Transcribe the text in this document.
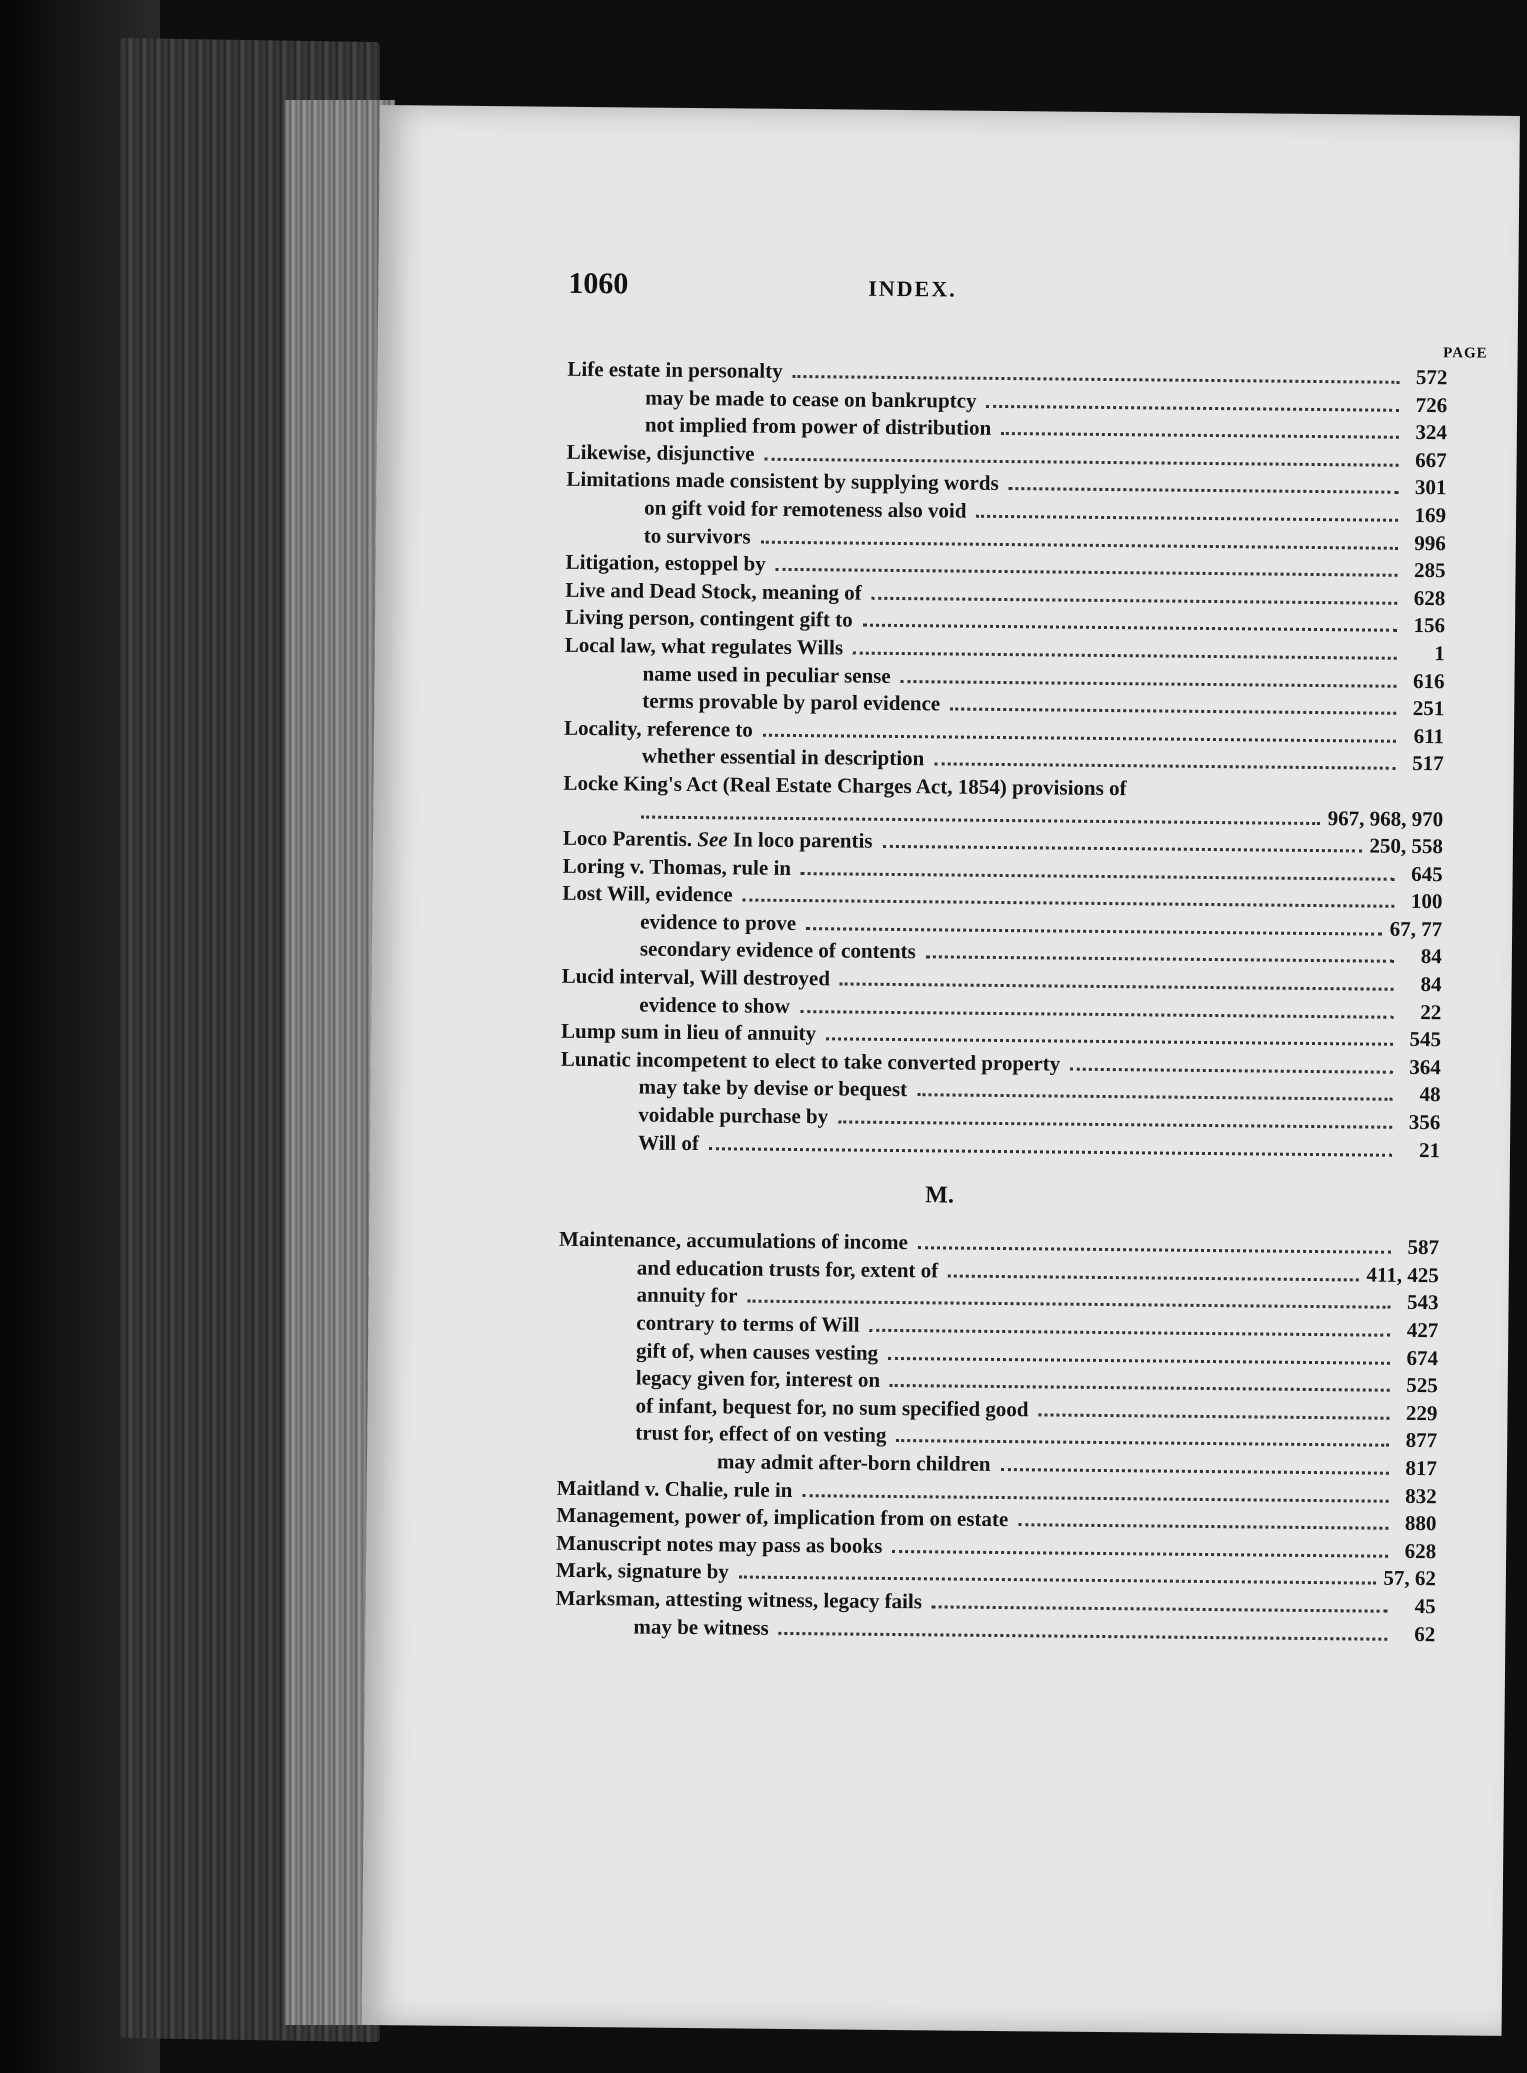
1060	INDEX.
PAGE
Life estate in personalty	572
may be made to cease on bankruptcy	726
not implied from power of distribution	324
Likewise, disjunctive	667
Limitations made consistent by supplying words	301
on gift void for remoteness also void	169
to survivors	996
Litigation, estoppel by	285
Live and Dead Stock, meaning of	628
Living person, contingent gift to	156
Local law, what regulates Wills	1
name used in peculiar sense	616
terms provable by parol evidence	251
Locality, reference to	611
whether essential in description	517
Locke King's Act (Real Estate Charges Act, 1854) provisions of
967, 968, 970
Loco Parentis. See In loco parentis	250, 558
Loring v. Thomas, rule in	645
Lost Will, evidence	100
evidence to prove	67, 77
secondary evidence of contents	84
Lucid interval, Will destroyed	84
evidence to show	22
Lump sum in lieu of annuity	545
Lunatic incompetent to elect to take converted property	364
may take by devise or bequest	48
voidable purchase by	356
Will of	21
M.
Maintenance, accumulations of income	587
and education trusts for, extent of	411, 425
annuity for	543
contrary to terms of Will	427
gift of, when causes vesting	674
legacy given for, interest on	525
of infant, bequest for, no sum specified good	229
trust for, effect of on vesting	877
may admit after-born children	817
Maitland v. Chalie, rule in	832
Management, power of, implication from on estate	880
Manuscript notes may pass as books	628
Mark, signature by	57, 62
Marksman, attesting witness, legacy fails	45
may be witness	62
